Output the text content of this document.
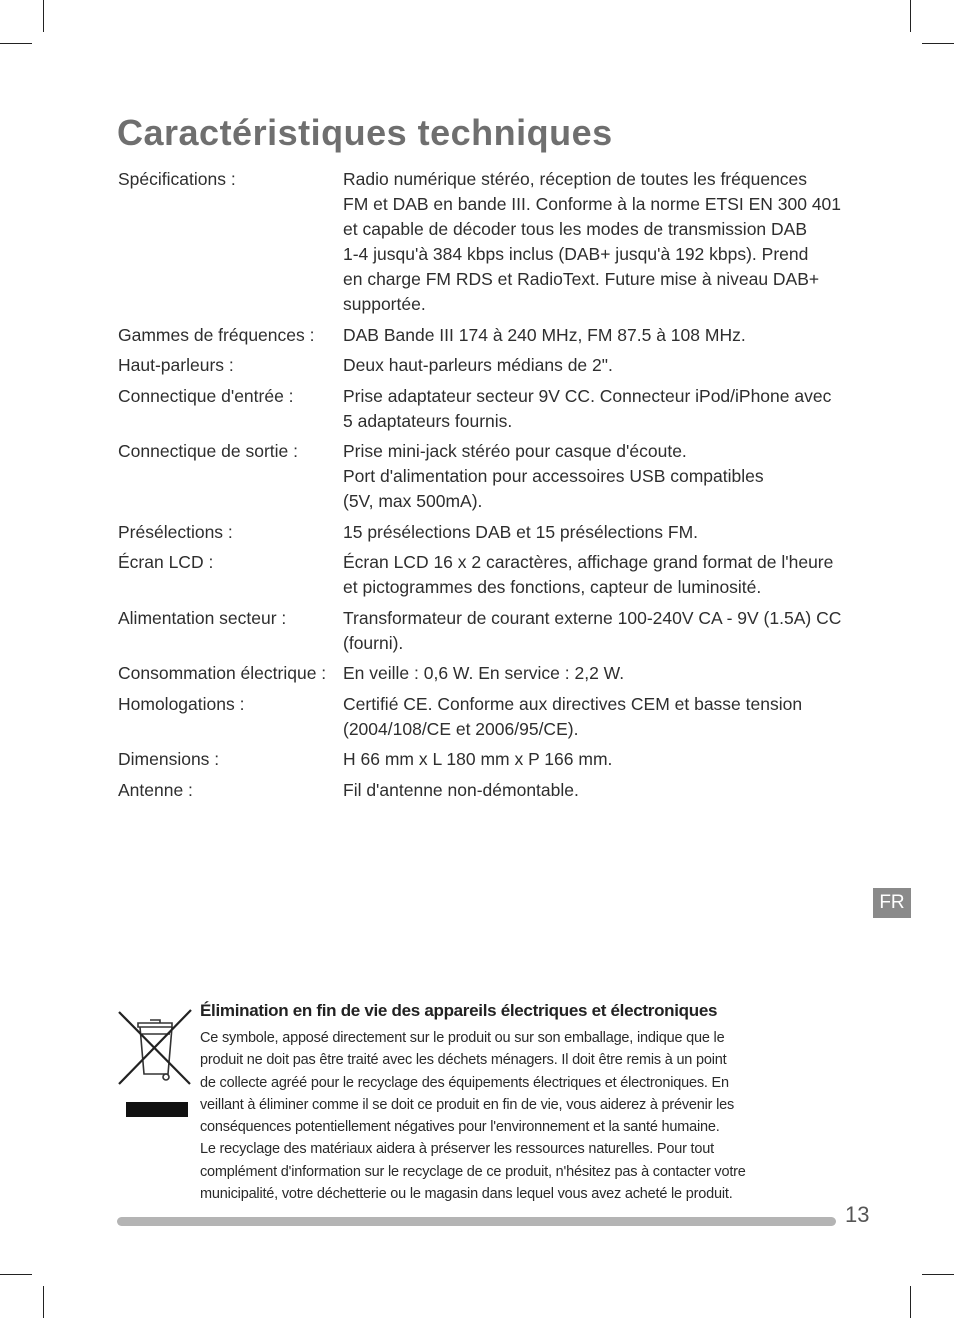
Caractéristiques techniques
Spécifications :	Radio numérique stéréo, réception de toutes les fréquences
FM et DAB en bande III. Conforme à la norme ETSI EN 300 401
et capable de décoder tous les modes de transmission DAB
1-4 jusqu'à 384 kbps inclus (DAB+ jusqu'à 192 kbps). Prend
en charge FM RDS et RadioText. Future mise à niveau DAB+
supportée.
Gammes de fréquences :	DAB Bande III 174 à 240 MHz, FM 87.5 à 108 MHz.
Haut-parleurs :	Deux haut-parleurs médians de 2".
Connectique d'entrée :	Prise adaptateur secteur 9V CC. Connecteur iPod/iPhone avec
5 adaptateurs fournis.
Connectique de sortie :	Prise mini-jack stéréo pour casque d'écoute.
Port d'alimentation pour accessoires USB compatibles
(5V, max 500mA).
Présélections :	15 présélections DAB et 15 présélections FM.
Écran LCD :	Écran LCD 16 x 2 caractères, affichage grand format de l'heure
et pictogrammes des fonctions, capteur de luminosité.
Alimentation secteur :	Transformateur de courant externe 100-240V CA - 9V (1.5A) CC
(fourni).
Consommation électrique : En veille : 0,6 W. En service : 2,2 W.
Homologations :	Certifié CE. Conforme aux directives CEM et basse tension
(2004/108/CE et 2006/95/CE).
Dimensions :	H 66 mm x L 180 mm x P 166 mm.
Antenne :	Fil d'antenne non-démontable.
FR
Élimination en fin de vie des appareils électriques et électroniques
Ce symbole, apposé directement sur le produit ou sur son emballage, indique que le
produit ne doit pas être traité avec les déchets ménagers. Il doit être remis à un point
de collecte agréé pour le recyclage des équipements électriques et électroniques. En
veillant à éliminer comme il se doit ce produit en fin de vie, vous aiderez à prévenir les
conséquences potentiellement négatives pour l'environnement et la santé humaine.
Le recyclage des matériaux aidera à préserver les ressources naturelles. Pour tout
complément d'information sur le recyclage de ce produit, n'hésitez pas à contacter votre
municipalité, votre déchetterie ou le magasin dans lequel vous avez acheté le produit.
13
